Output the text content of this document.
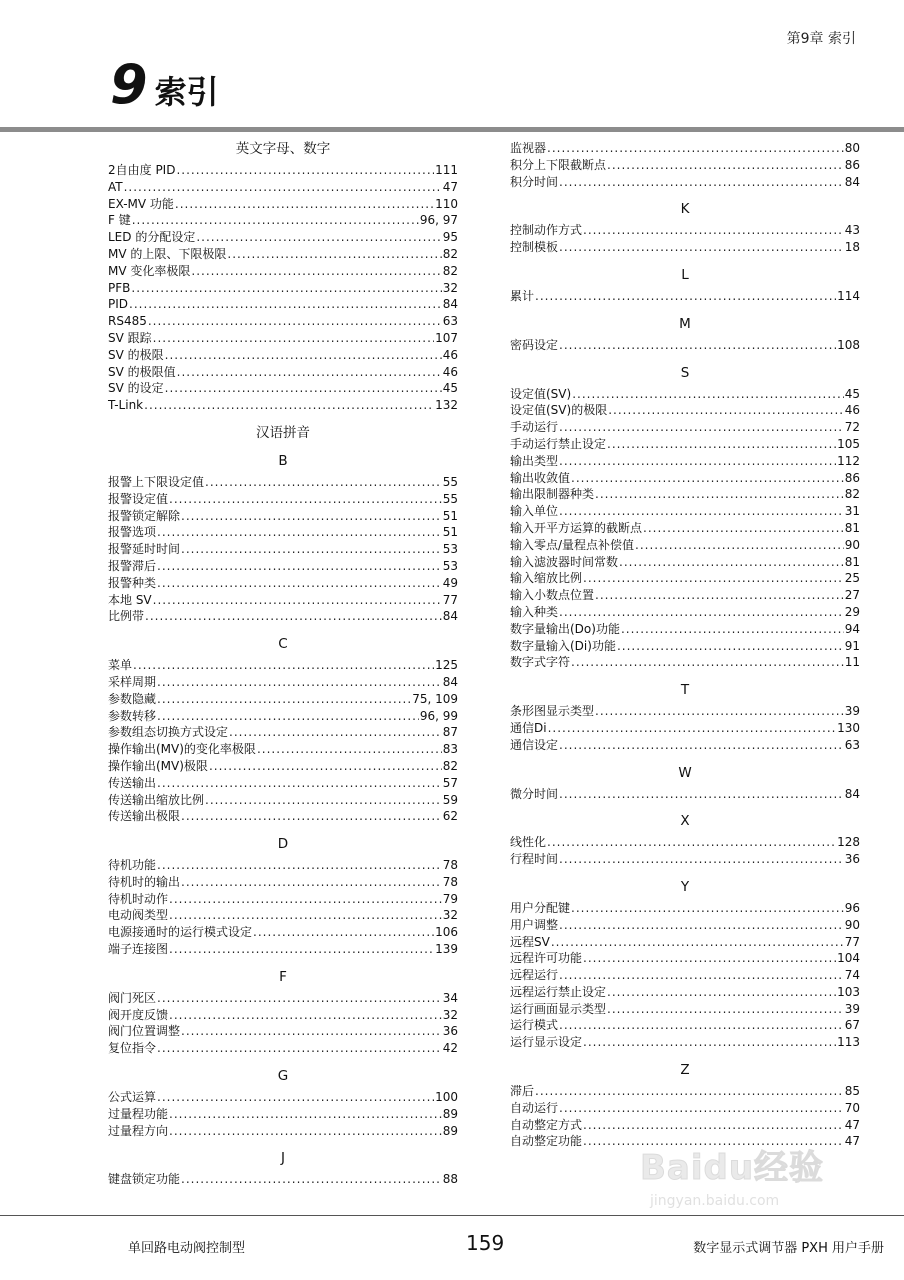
第9章 索引
9 索引
英文字母、数字
2自由度 PID .....	111
AT .....	47
EX-MV 功能 .....	110
F 键 .....	96, 97
LED 的分配设定 .....	95
MV 的上限、下限极限 .....	82
MV 变化率极限 .....	82
PFB .....	32
PID .....	84
RS485 .....	63
SV 跟踪 .....	107
SV 的极限 .....	46
SV 的极限值 .....	46
SV 的设定 .....	45
T-Link .....	132
汉语拼音
B
报警上下限设定值 .....	55
报警设定值 .....	55
报警锁定解除 .....	51
报警选项 .....	51
报警延时时间 .....	53
报警滞后 .....	53
报警种类 .....	49
本地 SV .....	77
比例带 .....	84
C
菜单 .....	125
采样周期 .....	84
参数隐藏 .....	75, 109
参数转移 .....	96, 99
参数组态切换方式设定 .....	87
操作输出(MV)的变化率极限 .....	83
操作输出(MV)极限 .....	82
传送输出 .....	57
传送输出缩放比例 .....	59
传送输出极限 .....	62
D
待机功能 .....	78
待机时的输出 .....	78
待机时动作 .....	79
电动阀类型 .....	32
电源接通时的运行模式设定 .....	106
端子连接图 .....	139
F
阀门死区 .....	34
阀开度反馈 .....	32
阀门位置调整 .....	36
复位指令 .....	42
G
公式运算 .....	100
过量程功能 .....	89
过量程方向 .....	89
J
键盘锁定功能 .....	88
监视器 .....	80
积分上下限截断点 .....	86
积分时间 .....	84
K
控制动作方式 .....	43
控制模板 .....	18
L
累计 .....	114
M
密码设定 .....	108
S
设定值(SV) .....	45
设定值(SV)的极限 .....	46
手动运行 .....	72
手动运行禁止设定 .....	105
输出类型 .....	112
输出收敛值 .....	86
输出限制器种类 .....	82
输入单位 .....	31
输入开平方运算的截断点 .....	81
输入零点/量程点补偿值 .....	90
输入滤波器时间常数 .....	81
输入缩放比例 .....	25
输入小数点位置 .....	27
输入种类 .....	29
数字量输出(Do)功能 .....	94
数字量输入(Di)功能 .....	91
数字式字符 .....	11
T
条形图显示类型 .....	39
通信Di .....	130
通信设定 .....	63
W
微分时间 .....	84
X
线性化 .....	128
行程时间 .....	36
Y
用户分配键 .....	96
用户调整 .....	90
远程SV .....	77
远程许可功能 .....	104
远程运行 .....	74
远程运行禁止设定 .....	103
运行画面显示类型 .....	39
运行模式 .....	67
运行显示设定 .....	113
Z
滞后 .....	85
自动运行 .....	70
自动整定方式 .....	47
自动整定功能 .....	47
Baidu经验
jingyan.baidu.com
单回路电动阀控制型	159	数字显示式调节器 PXH 用户手册
